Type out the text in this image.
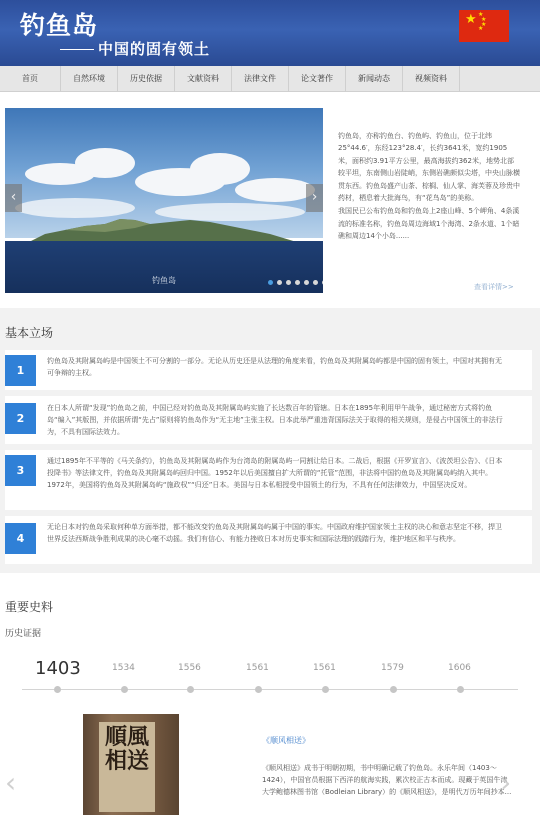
钓鱼岛
中国的固有领土
★ ★
★
★
★
首页	自然环境	历史依据	文献资料	法律文件	论文著作	新闻动态	视频资料
钓鱼岛
‹	›

钓鱼岛，亦称钓鱼台、钓鱼屿、钓鱼山，位于北纬25°44.6′，东经123°28.4′，长约3641米，宽约1905米，面积约3.91平方公里，最高海拔约362米，地势北部较平坦，东南侧山岩陡峭，东侧岩礁颇似尖塔，中央山脉横贯东西。钓鱼岛盛产山茶、棕榈、仙人掌、海芙蓉及珍贵中药材，栖息着大批海鸟，有“花鸟岛”的美称。

我国民已公布钓鱼岛和钓鱼岛上2座山峰、5个岬角、4条溪流的标准名称，钓鱼岛周边海域1个海湾、2条水道、1个暗礁和周边14个小岛......

查看详情>>
基本立场
1
钓鱼岛及其附属岛屿是中国领土不可分割的一部分。无论从历史还是从法理的角度来看，钓鱼岛及其附属岛屿都是中国的固有领土，中国对其拥有无可争辩的主权。
2
在日本人所谓“发现”钓鱼岛之前，中国已经对钓鱼岛及其附属岛屿实施了长达数百年的管辖。日本在1895年利用甲午战争，通过秘密方式将钓鱼岛“编入”其版图，并依据所谓“先占”原则将钓鱼岛作为“无主地”主张主权。日本此举严重违背国际法关于取得的相关规则，是侵占中国领土的非法行为，不具有国际法效力。
3
通过1895年不平等的《马关条约》，钓鱼岛及其附属岛屿作为台湾岛的附属岛屿一同割让给日本。二战后，根据《开罗宣言》、《波茨坦公告》、《日本投降书》等法律文件，钓鱼岛及其附属岛屿回归中国。1952年以后美国擅自扩大所谓的“托管”范围，非法将中国钓鱼岛及其附属岛屿纳入其中。1972年，美国将钓鱼岛及其附属岛屿“施政权”“归还”日本。美国与日本私相授受中国领土的行为，不具有任何法律效力，中国坚决反对。
4
无论日本对钓鱼岛采取何种单方面举措，都不能改变钓鱼岛及其附属岛屿属于中国的事实。中国政府维护国家领土主权的决心和意志坚定不移，捍卫世界反法西斯战争胜利成果的决心毫不动摇。我们有信心、有能力挫败日本对历史事实和国际法理的践踏行为，维护地区和平与秩序。
重要史料
历史证据
1403	1534	1556	1561	1561	1579	1606
順風相送
《顺风相送》
《顺风相送》成书于明朝初期，书中明确记载了钓鱼岛。永乐年间（1403～1424），中国官员根据下西洋的航海实践，累次校正古本而成。现藏于英国牛津大学鲍德林图书馆（Bodleian Library）的《顺风相送》，是明代万历年间抄本...
‹	›
